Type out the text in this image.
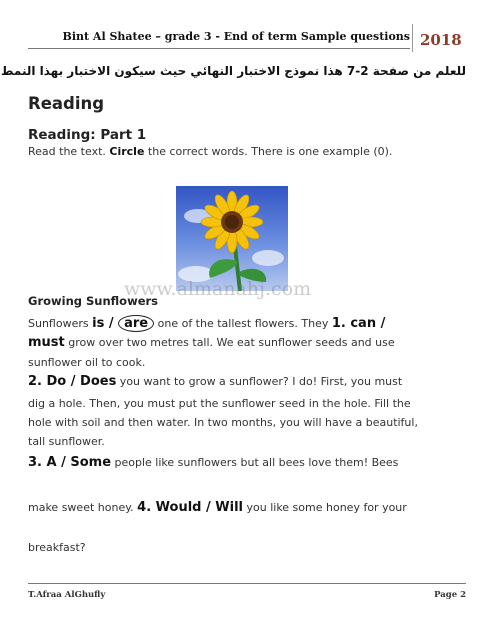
Bint Al Shatee – grade 3 - End of term Sample questions 2018
للعلم من صفحة 2-7 هذا نموذج الاختبار النهائي حيث سيكون الاختبار بهذا النمط
Reading
Reading: Part 1
Read the text. Circle the correct words. There is one example (0).
www.almanahj.com
Growing Sunflowers
Sunflowers is / are one of the tallest flowers. They 1. can /
must grow over two metres tall. We eat sunflower seeds and use
sunflower oil to cook.
2. Do / Does you want to grow a sunflower? I do! First, you must
dig a hole. Then, you must put the sunflower seed in the hole. Fill the
hole with soil and then water. In two months, you will have a beautiful,
tall sunflower.
3. A / Some people like sunflowers but all bees love them! Bees
make sweet honey. 4. Would / Will you like some honey for your
breakfast?
T.Afraa AlGhufly	Page 2
